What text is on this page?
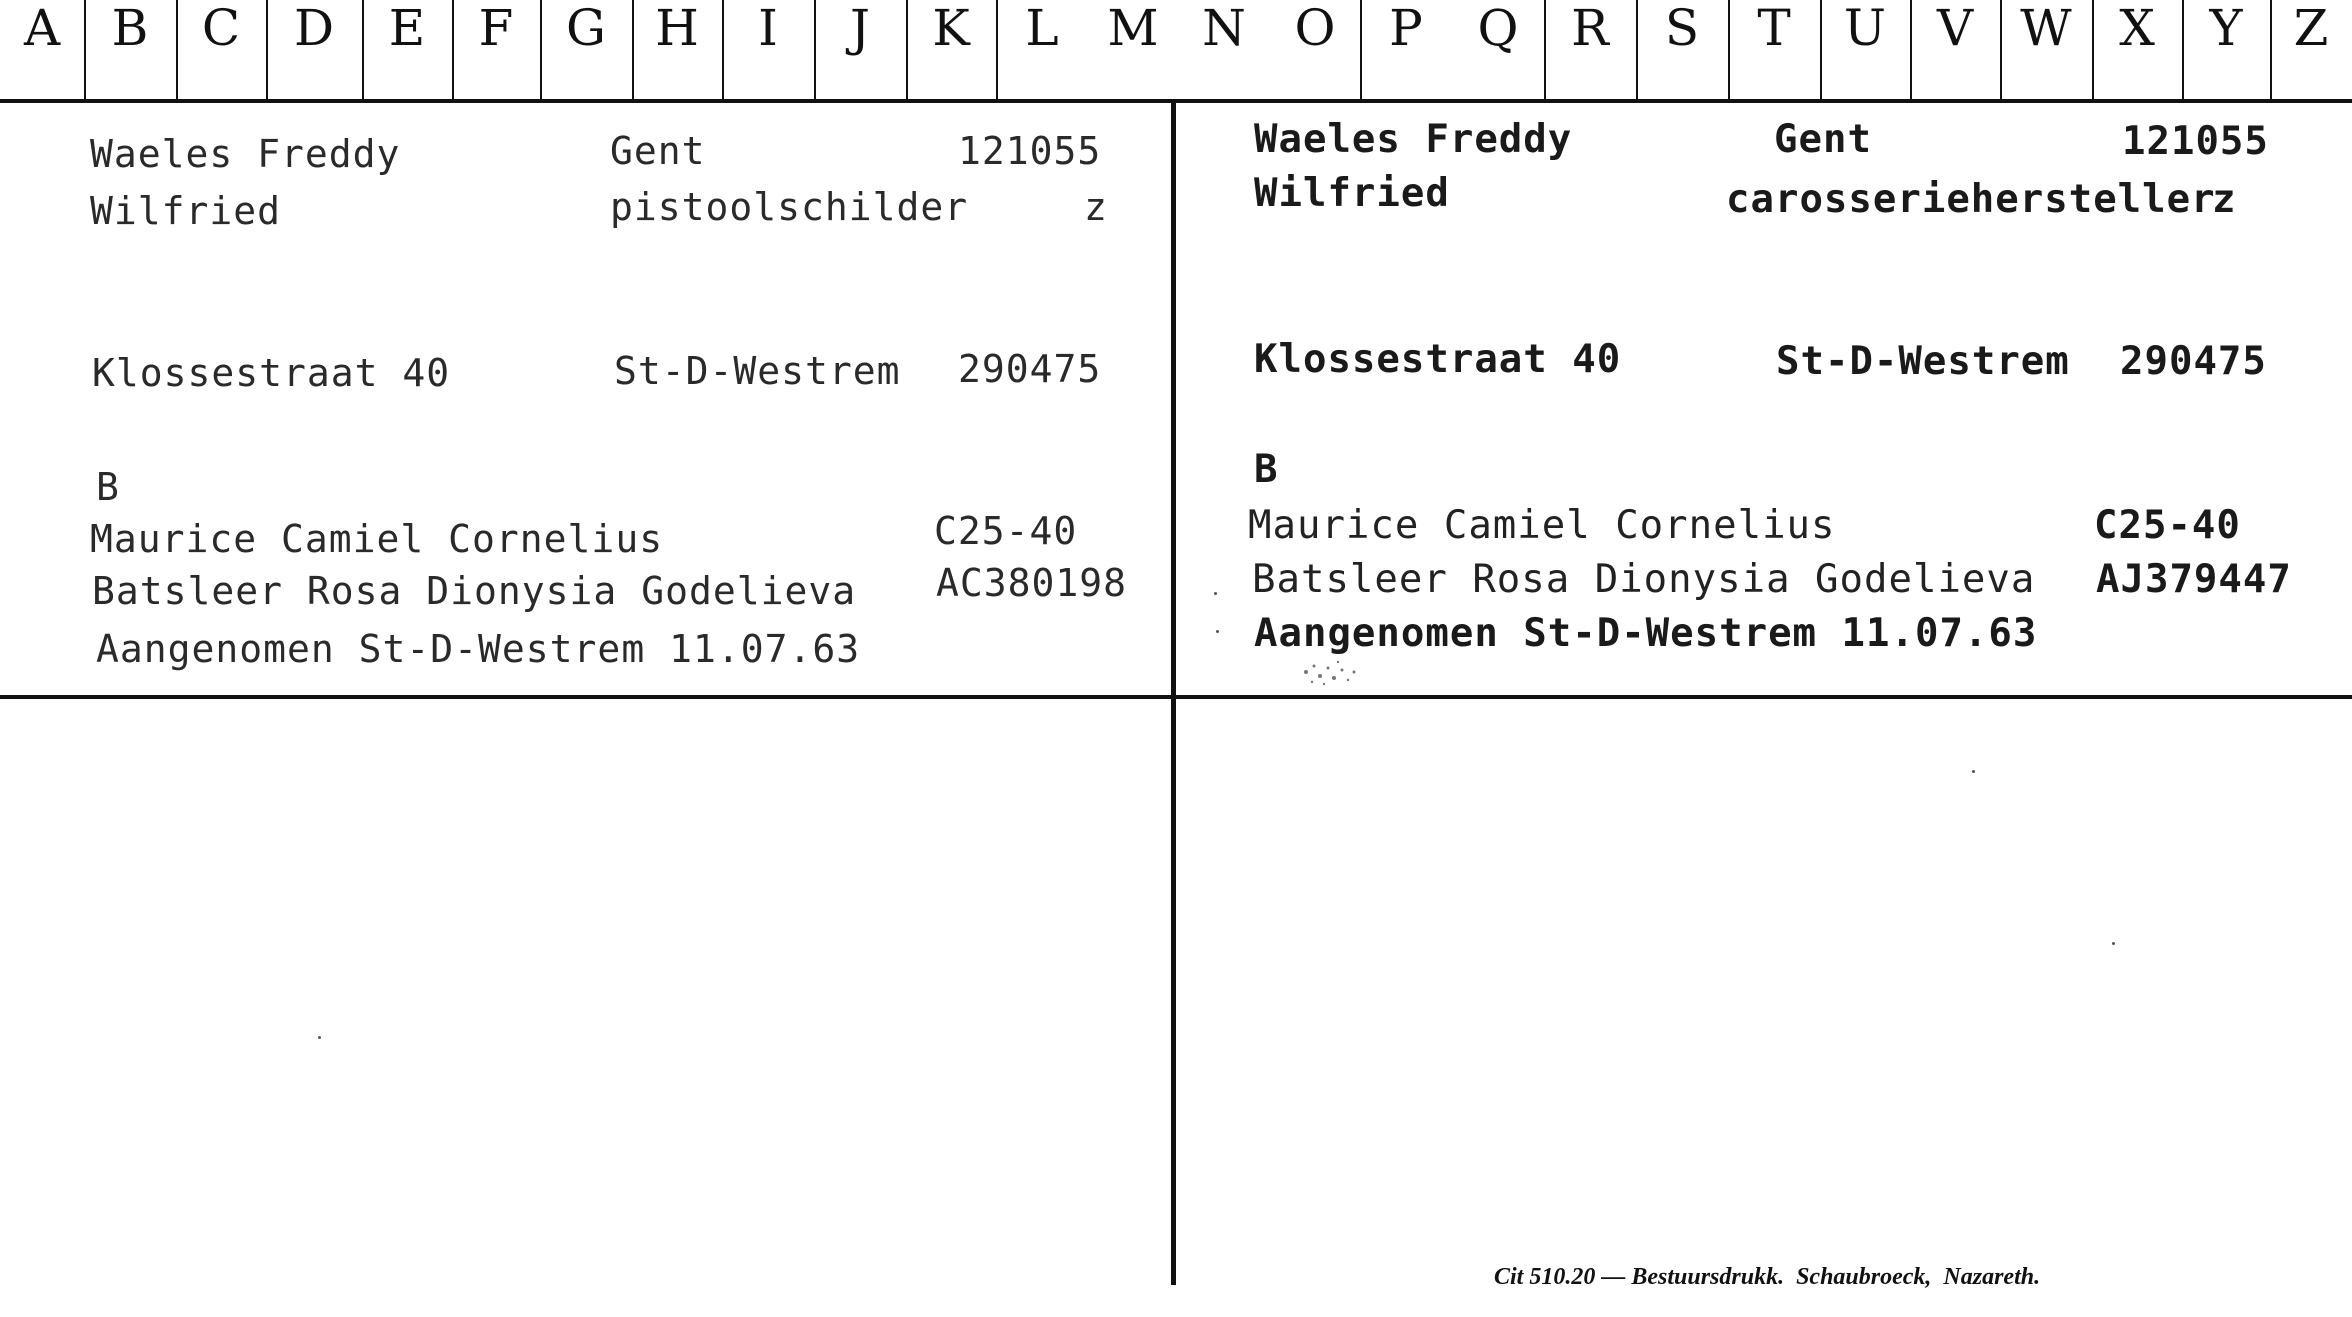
A	B	C	D	E	F	G H	I	J	K	L M N O	P	Q	R	S	T	U	V W X	Y	Z
Waeles Freddy	Gent	121055
Wilfried	pistoolschilder	z
Klossestraat 40	St-D-Westrem 290475
B
Maurice Camiel Cornelius	C25-40
Batsleer Rosa Dionysia Godelieva AC380198
Aangenomen St-D-Westrem 11.07.63
Waeles Freddy	Gent	121055
Wilfried	carosseriehersteller
z
Klossestraat 40	St-D-Westrem 290475
B
Maurice Camiel Cornelius	C25-40
Batsleer Rosa Dionysia Godelieva AJ379447
Aangenomen St-D-Westrem 11.07.63
Cit 510.20 — Bestuursdrukk.  Schaubroeck,  Nazareth.
